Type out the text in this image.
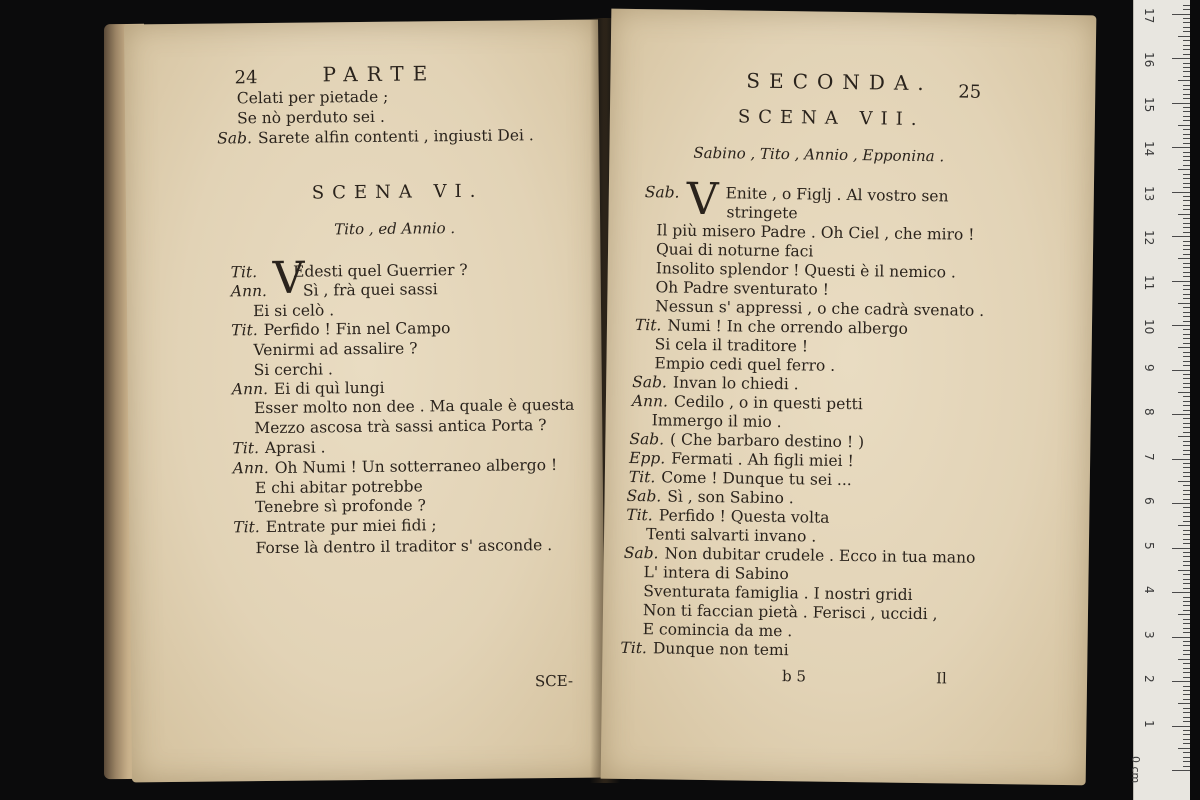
24	PARTE
Celati per pietade ;
Se nò perduto sei .
Sab. Sarete alfin contenti , ingiusti Dei .
SCENA VI.
Tito , ed Annio .
V
Tit. Edesti quel Guerrier ?
Ann. Sì , frà quei sassi
Ei si celò .
Tit. Perfido ! Fin nel Campo
Venirmi ad assalire ?
Si cerchi .
Ann. Ei di quì lungi
Esser molto non dee . Ma quale è questa
Mezzo ascosa trà sassi antica Porta ?
Tit. Aprasi .
Ann. Oh Numi ! Un sotterraneo albergo !
E chi abitar potrebbe
Tenebre sì profonde ?
Tit. Entrate pur miei fidi ;
Forse là dentro il traditor s' asconde .
SCE-
SECONDA. 25
SCENA VII.
Sabino , Tito , Annio , Epponina .
V
Sab.	Enite , o Figlj . Al vostro sen
stringete
Il più misero Padre . Oh Ciel , che miro !
Quai di noturne faci
Insolito splendor ! Questi è il nemico .
Oh Padre sventurato !
Nessun s' appressi , o che cadrà svenato .
Tit. Numi ! In che orrendo albergo
Si cela il traditore !
Empio cedi quel ferro .
Sab. Invan lo chiedi .
Ann. Cedilo , o in questi petti
Immergo il mio .
Sab. ( Che barbaro destino ! )
Epp. Fermati . Ah figli miei !
Tit. Come ! Dunque tu sei ...
Sab. Sì , son Sabino .
Tit. Perfido ! Questa volta
Tenti salvarti invano .
Sab. Non dubitar crudele . Ecco in tua mano
L' intera di Sabino
Sventurata famiglia . I nostri gridi
Non ti faccian pietà . Ferisci , uccidi ,
E comincia da me .
Tit. Dunque non temi
b 5	Il
1
2
3
4
5
6
7
8
9
10
11
12
13
14
15
16
17
0 cm
